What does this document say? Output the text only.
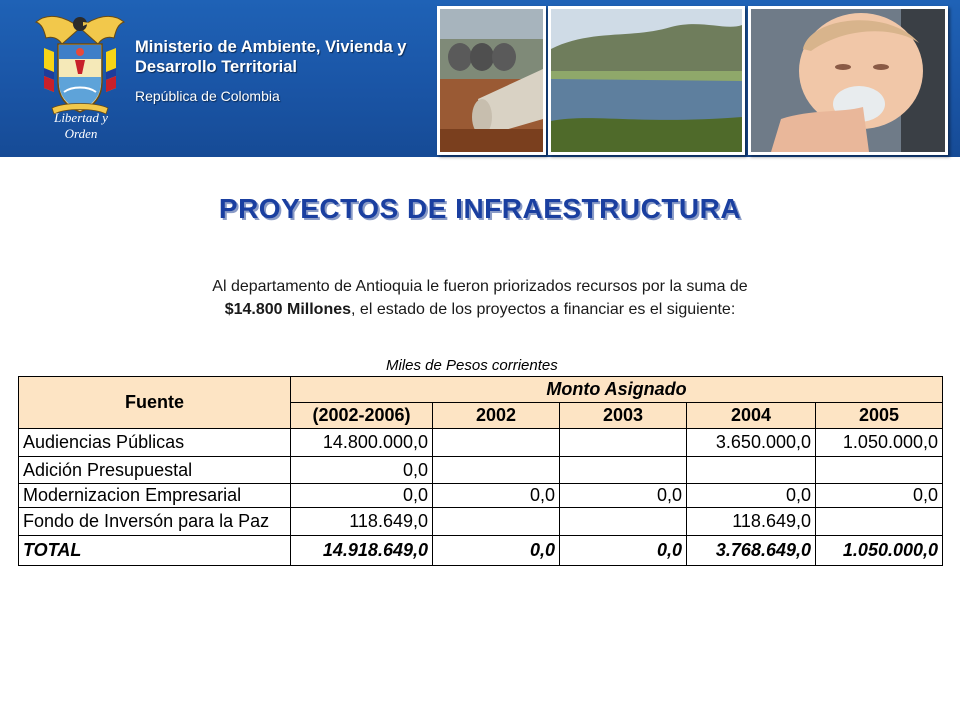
Libertad y Orden
Ministerio de Ambiente, Vivienda y
Desarrollo Territorial
República de Colombia
PROYECTOS DE INFRAESTRUCTURA
Al departamento de Antioquia le fueron priorizados recursos por la suma de
$14.800 Millones, el estado de los proyectos a financiar es el siguiente:
Miles de Pesos corrientes
Fuente	Monto Asignado				
	(2002-2006)	2002	2003	2004	2005
Audiencias Públicas	14.800.000,0			3.650.000,0	1.050.000,0
Adición Presupuestal	0,0				
Modernizacion Empresarial	0,0	0,0	0,0	0,0	0,0
Fondo de Inversón para la Paz	118.649,0			118.649,0	
TOTAL	14.918.649,0	0,0	0,0	3.768.649,0	1.050.000,0
